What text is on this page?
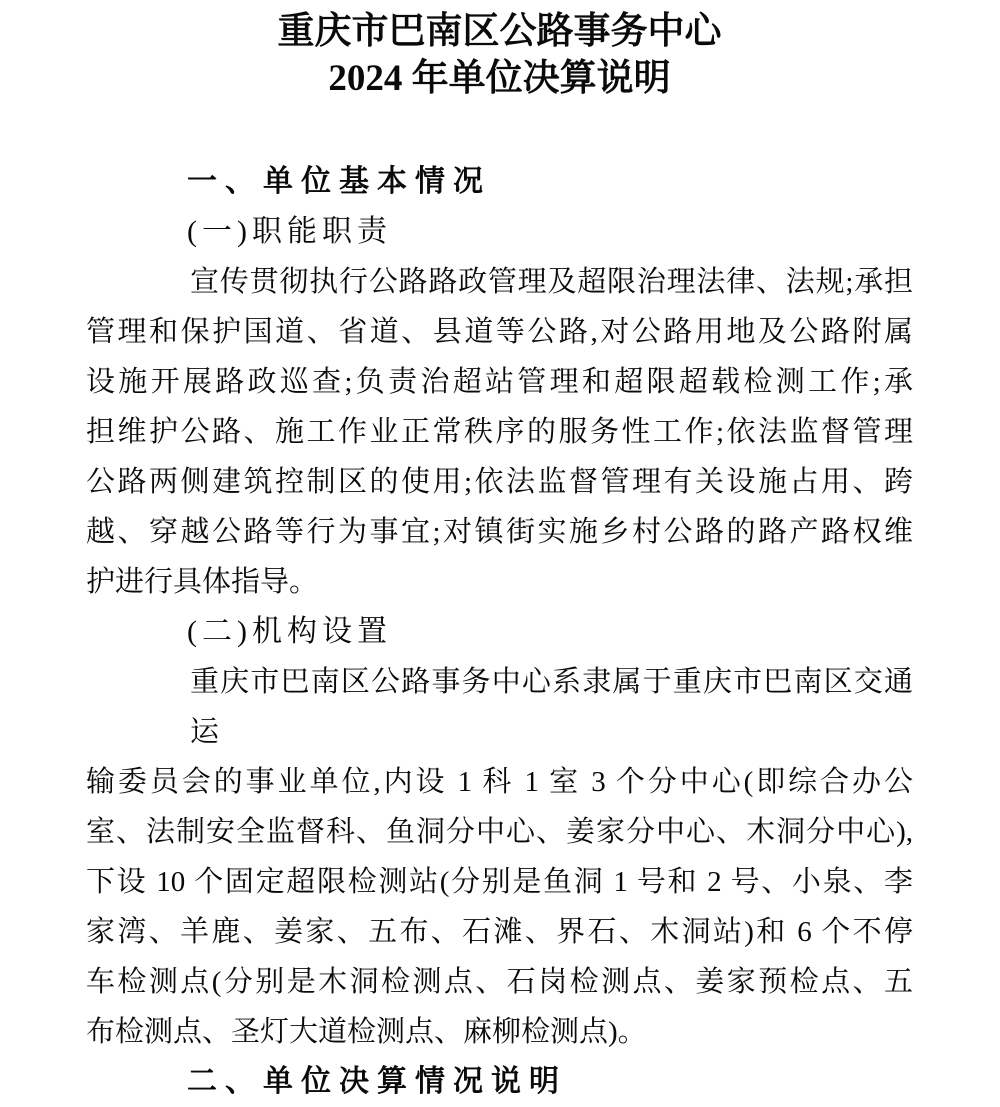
重庆市巴南区公路事务中心
2024 年单位决算说明
一、单位基本情况
(一)职能职责
宣传贯彻执行公路路政管理及超限治理法律、法规;承担
管理和保护国道、省道、县道等公路,对公路用地及公路附属
设施开展路政巡查;负责治超站管理和超限超载检测工作;承
担维护公路、施工作业正常秩序的服务性工作;依法监督管理
公路两侧建筑控制区的使用;依法监督管理有关设施占用、跨
越、穿越公路等行为事宜;对镇街实施乡村公路的路产路权维
护进行具体指导。
(二)机构设置
重庆市巴南区公路事务中心系隶属于重庆市巴南区交通运
输委员会的事业单位,内设 1 科 1 室 3 个分中心(即综合办公
室、法制安全监督科、鱼洞分中心、姜家分中心、木洞分中心),
下设 10 个固定超限检测站(分别是鱼洞 1 号和 2 号、小泉、李
家湾、羊鹿、姜家、五布、石滩、界石、木洞站)和 6 个不停
车检测点(分别是木洞检测点、石岗检测点、姜家预检点、五
布检测点、圣灯大道检测点、麻柳检测点)。
二、单位决算情况说明
